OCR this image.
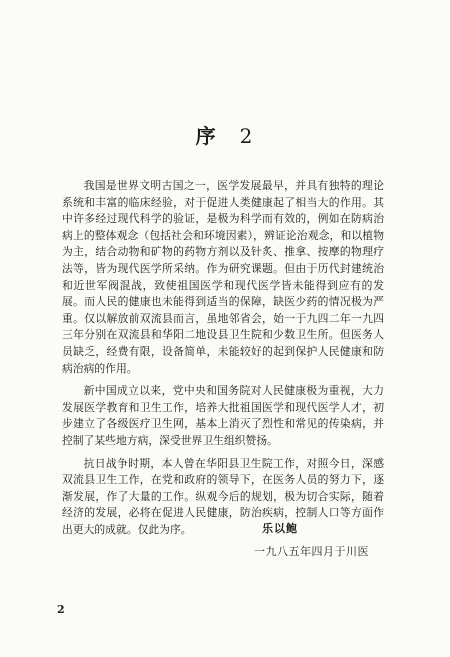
序 2

我国是世界文明古国之一，医学发展最早，并具有独特的理论系统和丰富的临床经验，对于促进人类健康起了相当大的作用。其中许多经过现代科学的验证，是极为科学而有效的，例如在防病治病上的整体观念（包括社会和环境因素），辨证论治观念，和以植物为主，结合动物和矿物的药物方剂以及针炙、推拿、按摩的物理疗法等，皆为现代医学所采纳。作为研究课题。但由于历代封建统治和近世军阀混战，致使祖国医学和现代医学皆未能得到应有的发展。而人民的健康也未能得到适当的保障，缺医少药的情况极为严重。仅以解放前双流县而言，虽地邻省会，始一于九四二年一九四三年分别在双流县和华阳二地设县卫生院和少数卫生所。但医务人员缺乏，经费有限，设备简单，未能较好的起到保护人民健康和防病治病的作用。

新中国成立以来，党中央和国务院对人民健康极为重视，大力发展医学教育和卫生工作，培养大批祖国医学和现代医学人才，初步建立了各级医疗卫生网，基本上消灭了烈性和常见的传染病，并控制了某些地方病，深受世界卫生组织赞扬。

抗日战争时期，本人曾在华阳县卫生院工作，对照今日，深感双流县卫生工作，在党和政府的领导下，在医务人员的努力下，逐渐发展，作了大量的工作。纵观今后的规划，极为切合实际，随着经济的发展，必将在促进人民健康，防治疾病，控制人口等方面作出更大的成就。仅此为序。	乐以鲍
一九八五年四月于川医
2
